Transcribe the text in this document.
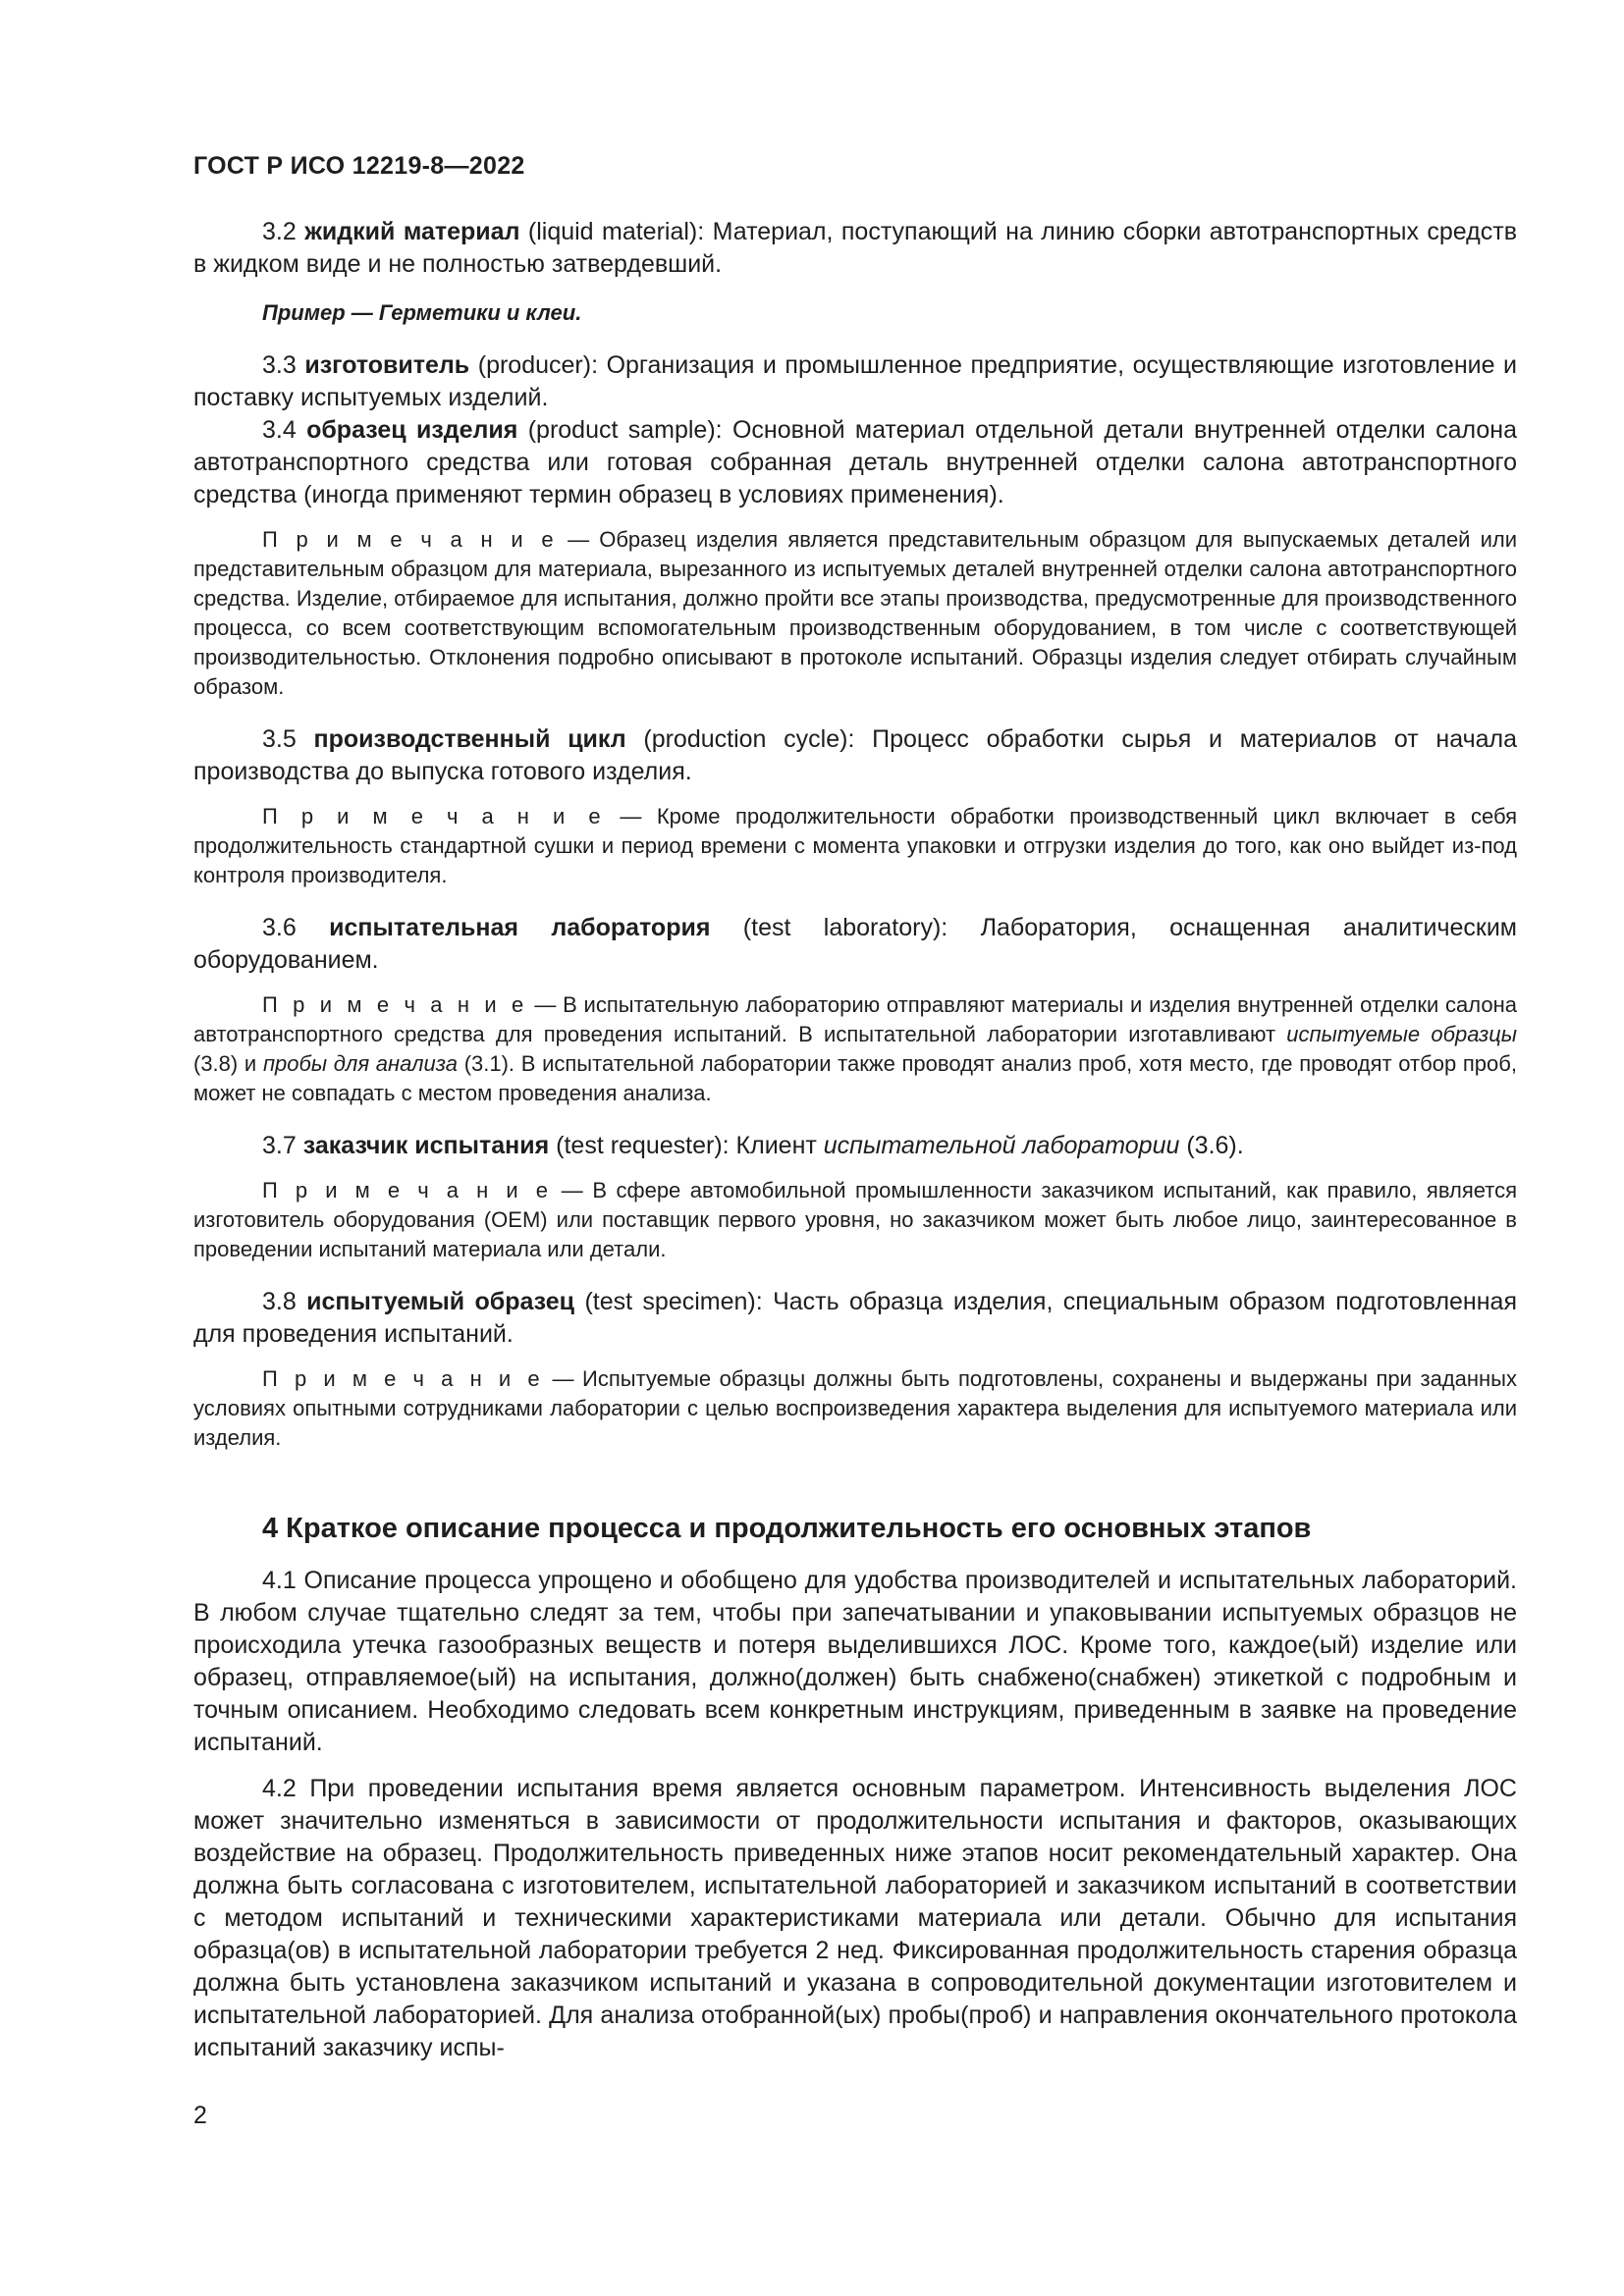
ГОСТ Р ИСО 12219-8—2022

3.2 жидкий материал (liquid material): Материал, поступающий на линию сборки автотранспортных средств в жидком виде и не полностью затвердевший.

Пример — Герметики и клеи.

3.3 изготовитель (producer): Организация и промышленное предприятие, осуществляющие изготовление и поставку испытуемых изделий.

3.4 образец изделия (product sample): Основной материал отдельной детали внутренней отделки салона автотранспортного средства или готовая собранная деталь внутренней отделки салона автотранспортного средства (иногда применяют термин образец в условиях применения).

П р и м е ч а н и е — Образец изделия является представительным образцом для выпускаемых деталей или представительным образцом для материала, вырезанного из испытуемых деталей внутренней отделки салона автотранспортного средства. Изделие, отбираемое для испытания, должно пройти все этапы производства, предусмотренные для производственного процесса, со всем соответствующим вспомогательным производственным оборудованием, в том числе с соответствующей производительностью. Отклонения подробно описывают в протоколе испытаний. Образцы изделия следует отбирать случайным образом.

3.5 производственный цикл (production cycle): Процесс обработки сырья и материалов от начала производства до выпуска готового изделия.

П р и м е ч а н и е — Кроме продолжительности обработки производственный цикл включает в себя продолжительность стандартной сушки и период времени с момента упаковки и отгрузки изделия до того, как оно выйдет из-под контроля производителя.

3.6 испытательная лаборатория (test laboratory): Лаборатория, оснащенная аналитическим оборудованием.

П р и м е ч а н и е — В испытательную лабораторию отправляют материалы и изделия внутренней отделки салона автотранспортного средства для проведения испытаний. В испытательной лаборатории изготавливают испытуемые образцы (3.8) и пробы для анализа (3.1). В испытательной лаборатории также проводят анализ проб, хотя место, где проводят отбор проб, может не совпадать с местом проведения анализа.

3.7 заказчик испытания (test requester): Клиент испытательной лаборатории (3.6).

П р и м е ч а н и е — В сфере автомобильной промышленности заказчиком испытаний, как правило, является изготовитель оборудования (OEM) или поставщик первого уровня, но заказчиком может быть любое лицо, заинтересованное в проведении испытаний материала или детали.

3.8 испытуемый образец (test specimen): Часть образца изделия, специальным образом подготовленная для проведения испытаний.

П р и м е ч а н и е — Испытуемые образцы должны быть подготовлены, сохранены и выдержаны при заданных условиях опытными сотрудниками лаборатории с целью воспроизведения характера выделения для испытуемого материала или изделия.

4 Краткое описание процесса и продолжительность его основных этапов

4.1 Описание процесса упрощено и обобщено для удобства производителей и испытательных лабораторий. В любом случае тщательно следят за тем, чтобы при запечатывании и упаковывании испытуемых образцов не происходила утечка газообразных веществ и потеря выделившихся ЛОС. Кроме того, каждое(ый) изделие или образец, отправляемое(ый) на испытания, должно(должен) быть снабжено(снабжен) этикеткой с подробным и точным описанием. Необходимо следовать всем конкретным инструкциям, приведенным в заявке на проведение испытаний.

4.2 При проведении испытания время является основным параметром. Интенсивность выделения ЛОС может значительно изменяться в зависимости от продолжительности испытания и факторов, оказывающих воздействие на образец. Продолжительность приведенных ниже этапов носит рекомендательный характер. Она должна быть согласована с изготовителем, испытательной лабораторией и заказчиком испытаний в соответствии с методом испытаний и техническими характеристиками материала или детали. Обычно для испытания образца(ов) в испытательной лаборатории требуется 2 нед. Фиксированная продолжительность старения образца должна быть установлена заказчиком испытаний и указана в сопроводительной документации изготовителем и испытательной лабораторией. Для анализа отобранной(ых) пробы(проб) и направления окончательного протокола испытаний заказчику испы-

2
